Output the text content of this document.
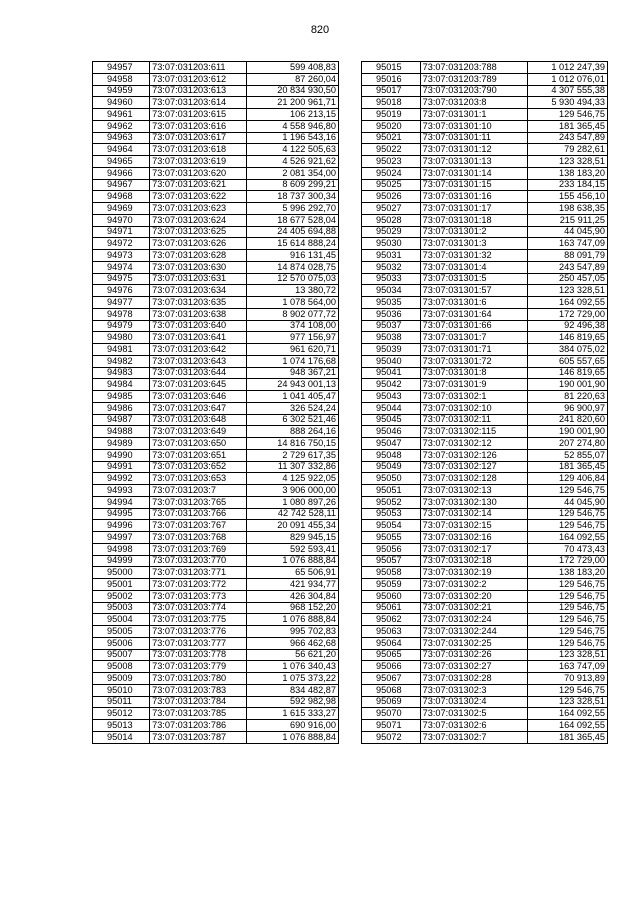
820
94957	73:07:031203:611	599 408,83
94958	73:07:031203:612	87 260,04
94959	73:07:031203:613	20 834 930,50
94960	73:07:031203:614	21 200 961,71
94961	73:07:031203:615	106 213,15
94962	73:07:031203:616	4 558 946,80
94963	73:07:031203:617	1 196 543,16
94964	73:07:031203:618	4 122 505,63
94965	73:07:031203:619	4 526 921,62
94966	73:07:031203:620	2 081 354,00
94967	73:07:031203:621	8 609 299,21
94968	73:07:031203:622	18 737 300,34
94969	73:07:031203:623	5 996 292,70
94970	73:07:031203:624	18 677 528,04
94971	73:07:031203:625	24 405 694,88
94972	73:07:031203:626	15 614 888,24
94973	73:07:031203:628	916 131,45
94974	73:07:031203:630	14 874 028,75
94975	73:07:031203:631	12 570 075,03
94976	73:07:031203:634	13 380,72
94977	73:07:031203:635	1 078 564,00
94978	73:07:031203:638	8 902 077,72
94979	73:07:031203:640	374 108,00
94980	73:07:031203:641	977 156,97
94981	73:07:031203:642	961 620,71
94982	73:07:031203:643	1 074 176,68
94983	73:07:031203:644	948 367,21
94984	73:07:031203:645	24 943 001,13
94985	73:07:031203:646	1 041 405,47
94986	73:07:031203:647	326 524,24
94987	73:07:031203:648	6 302 521,46
94988	73:07:031203:649	888 264,16
94989	73:07:031203:650	14 816 750,15
94990	73:07:031203:651	2 729 617,35
94991	73:07:031203:652	11 307 332,86
94992	73:07:031203:653	4 125 922,05
94993	73:07:031203:7	3 906 000,00
94994	73:07:031203:765	1 080 897,26
94995	73:07:031203:766	42 742 528,11
94996	73:07:031203:767	20 091 455,34
94997	73:07:031203:768	829 945,15
94998	73:07:031203:769	592 593,41
94999	73:07:031203:770	1 076 888,84
95000	73:07:031203:771	65 506,91
95001	73:07:031203:772	421 934,77
95002	73:07:031203:773	426 304,84
95003	73:07:031203:774	968 152,20
95004	73:07:031203:775	1 076 888,84
95005	73:07:031203:776	995 702,83
95006	73:07:031203:777	966 462,68
95007	73:07:031203:778	56 621,20
95008	73:07:031203:779	1 076 340,43
95009	73:07:031203:780	1 075 373,22
95010	73:07:031203:783	834 482,87
95011	73:07:031203:784	592 982,98
95012	73:07:031203:785	1 615 333,27
95013	73:07:031203:786	690 916,00
95014	73:07:031203:787	1 076 888,84
95015	73:07:031203:788	1 012 247,39
95016	73:07:031203:789	1 012 076,01
95017	73:07:031203:790	4 307 555,38
95018	73:07:031203:8	5 930 494,33
95019	73:07:031301:1	129 546,75
95020	73:07:031301:10	181 365,45
95021	73:07:031301:11	243 547,89
95022	73:07:031301:12	79 282,61
95023	73:07:031301:13	123 328,51
95024	73:07:031301:14	138 183,20
95025	73:07:031301:15	233 184,15
95026	73:07:031301:16	155 456,10
95027	73:07:031301:17	198 638,35
95028	73:07:031301:18	215 911,25
95029	73:07:031301:2	44 045,90
95030	73:07:031301:3	163 747,09
95031	73:07:031301:32	88 091,79
95032	73:07:031301:4	243 547,89
95033	73:07:031301:5	250 457,05
95034	73:07:031301:57	123 328,51
95035	73:07:031301:6	164 092,55
95036	73:07:031301:64	172 729,00
95037	73:07:031301:66	92 496,38
95038	73:07:031301:7	146 819,65
95039	73:07:031301:71	384 075,02
95040	73:07:031301:72	605 557,65
95041	73:07:031301:8	146 819,65
95042	73:07:031301:9	190 001,90
95043	73:07:031302:1	81 220,63
95044	73:07:031302:10	96 900,97
95045	73:07:031302:11	241 820,60
95046	73:07:031302:115	190 001,90
95047	73:07:031302:12	207 274,80
95048	73:07:031302:126	52 855,07
95049	73:07:031302:127	181 365,45
95050	73:07:031302:128	129 406,84
95051	73:07:031302:13	129 546,75
95052	73:07:031302:130	44 045,90
95053	73:07:031302:14	129 546,75
95054	73:07:031302:15	129 546,75
95055	73:07:031302:16	164 092,55
95056	73:07:031302:17	70 473,43
95057	73:07:031302:18	172 729,00
95058	73:07:031302:19	138 183,20
95059	73:07:031302:2	129 546,75
95060	73:07:031302:20	129 546,75
95061	73:07:031302:21	129 546,75
95062	73:07:031302:24	129 546,75
95063	73:07:031302:244	129 546,75
95064	73:07:031302:25	129 546,75
95065	73:07:031302:26	123 328,51
95066	73:07:031302:27	163 747,09
95067	73:07:031302:28	70 913,89
95068	73:07:031302:3	129 546,75
95069	73:07:031302:4	123 328,51
95070	73:07:031302:5	164 092,55
95071	73:07:031302:6	164 092,55
95072	73:07:031302:7	181 365,45
